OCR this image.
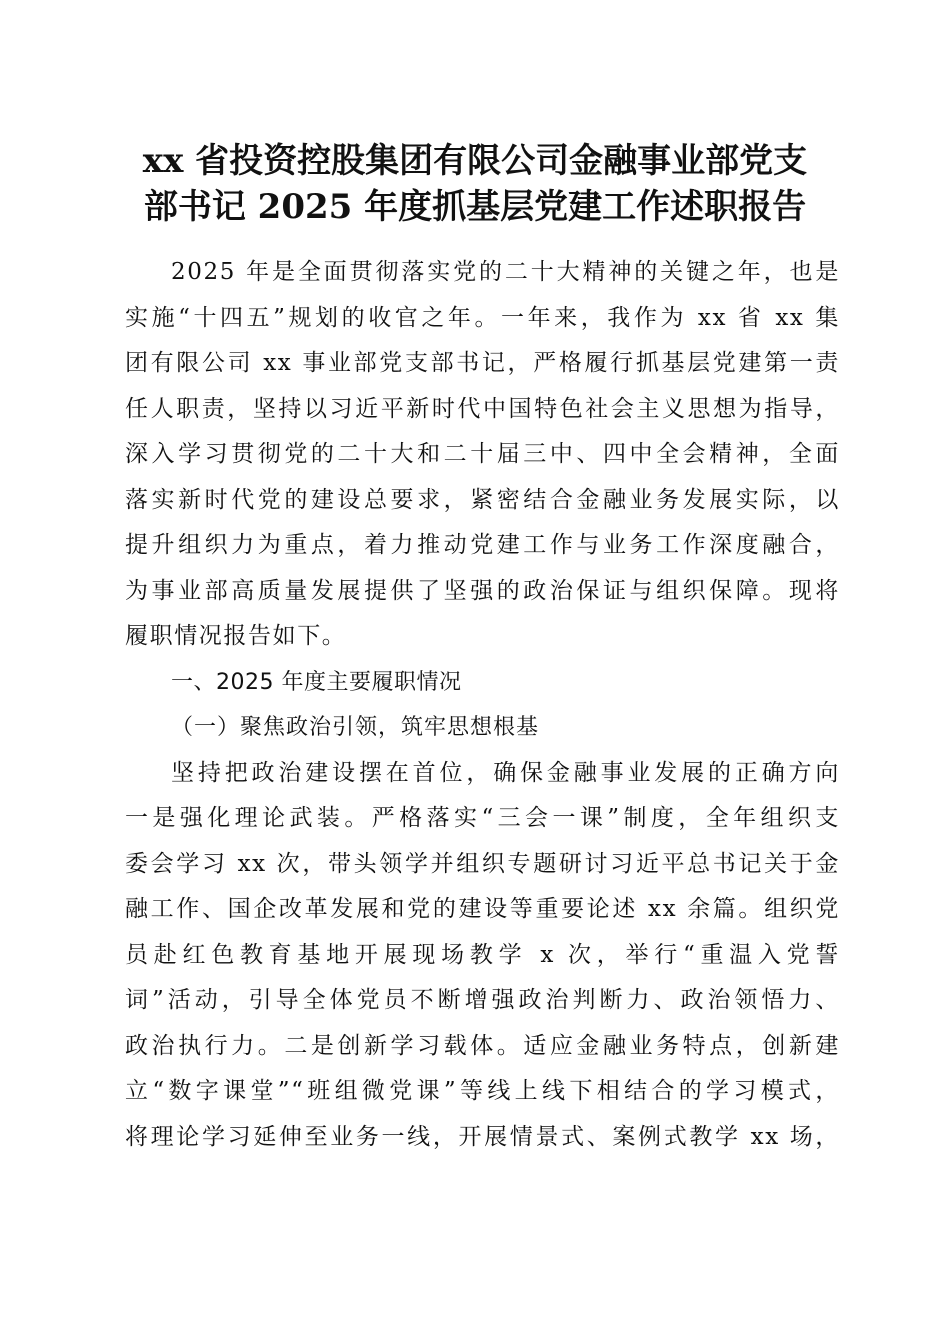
xx 省投资控股集团有限公司金融事业部党支
部书记 2025 年度抓基层党建工作述职报告
2025 年是全面贯彻落实党的二十大精神的关键之年，也是
实施“十四五”规划的收官之年。一年来，我作为 xx 省 xx 集
团有限公司 xx 事业部党支部书记，严格履行抓基层党建第一责
任人职责，坚持以习近平新时代中国特色社会主义思想为指导，
深入学习贯彻党的二十大和二十届三中、四中全会精神，全面
落实新时代党的建设总要求，紧密结合金融业务发展实际，以
提升组织力为重点，着力推动党建工作与业务工作深度融合，
为事业部高质量发展提供了坚强的政治保证与组织保障。现将
履职情况报告如下。
一、2025 年度主要履职情况
（一）聚焦政治引领，筑牢思想根基
坚持把政治建设摆在首位，确保金融事业发展的正确方向
一是强化理论武装。严格落实“三会一课”制度，全年组织支
委会学习 xx 次，带头领学并组织专题研讨习近平总书记关于金
融工作、国企改革发展和党的建设等重要论述 xx 余篇。组织党
员赴红色教育基地开展现场教学 x 次，举行“重温入党誓
词”活动，引导全体党员不断增强政治判断力、政治领悟力、
政治执行力。二是创新学习载体。适应金融业务特点，创新建
立“数字课堂”“班组微党课”等线上线下相结合的学习模式，
将理论学习延伸至业务一线，开展情景式、案例式教学 xx 场，
